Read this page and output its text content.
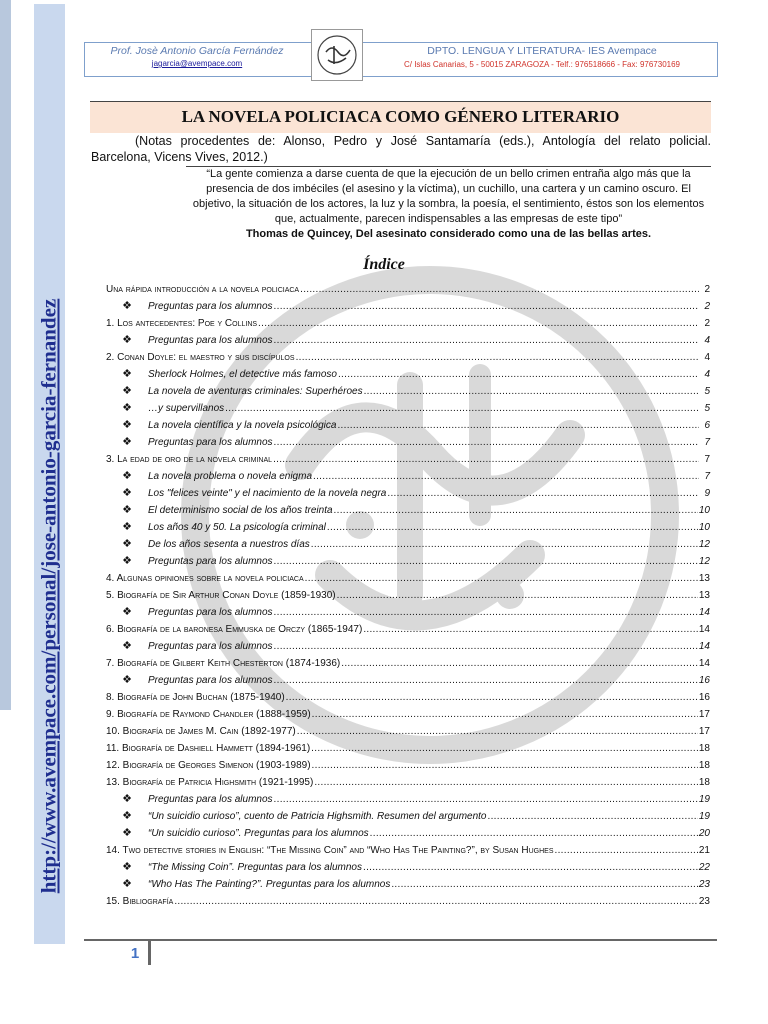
http://www.avempace.com/personal/jose-antonio-garcia-fernandez
Prof. Josè Antonio García Fernández
jagarcia@avempace.com
DPTO. LENGUA Y LITERATURA- IES Avempace
C/ Islas Canarias, 5 - 50015 ZARAGOZA - Telf.: 976518666 - Fax: 976730169
LA NOVELA POLICIACA COMO GÉNERO LITERARIO
(Notas procedentes de: Alonso, Pedro y José Santamaría (eds.), Antología del relato policial. Barcelona, Vicens Vives, 2012.)
“La gente comienza a darse cuenta de que la ejecución de un bello crimen entraña algo más que la presencia de dos imbéciles (el asesino y la víctima), un cuchillo, una cartera y un camino oscuro. El objetivo, la situación de los actores, la luz y la sombra, la poesía, el sentimiento, éstos son los elementos que, actualmente, parecen indispensables a las empresas de este tipo”
Thomas de Quincey, Del asesinato considerado como una de las bellas artes.
Índice
Una rápida introducción a la novela policiaca .....	2
❖	Preguntas para los alumnos .....	2
1. Los antecedentes: Poe y Collins .....	2
❖	Preguntas para los alumnos .....	4
2. Conan Doyle: el maestro y sus discípulos .....	4
❖	Sherlock Holmes, el detective más famoso .....	4
❖	La novela de aventuras criminales: Superhéroes .....	5
❖	…y supervillanos .....	5
❖	La novela científica y la novela psicológica .....	6
❖	Preguntas para los alumnos .....	7
3. La edad de oro de la novela criminal .....	7
❖	La novela problema o novela enigma .....	7
❖	Los "felices veinte" y el nacimiento de la novela negra .....	9
❖	El determinismo social de los años treinta .....	10
❖	Los años 40 y 50. La psicología criminal .....	10
❖	De los años sesenta a nuestros días .....	12
❖	Preguntas para los alumnos .....	12
4. Algunas opiniones sobre la novela policiaca .....	13
5. Biografía de Sir Arthur Conan Doyle (1859-1930) .....	13
❖	Preguntas para los alumnos .....	14
6. Biografía de la baronesa Emmuska de Orczy (1865-1947) .....	14
❖	Preguntas para los alumnos .....	14
7. Biografía de Gilbert Keith Chesterton (1874-1936) .....	14
❖	Preguntas para los alumnos .....	16
8. Biografía de John Buchan (1875-1940) .....	16
9. Biografía de Raymond Chandler (1888-1959) .....	17
10. Biografía de James M. Cain (1892-1977) .....	17
11. Biografía de Dashiell Hammett (1894-1961) .....	18
12. Biografía de Georges Simenon (1903-1989) .....	18
13. Biografía de Patricia Highsmith (1921-1995) .....	18
❖	Preguntas para los alumnos .....	19
❖	“Un suicidio curioso”, cuento de Patricia Highsmith. Resumen del argumento .....	19
❖	“Un suicidio curioso”. Preguntas para los alumnos .....	20
14. Two detective stories in English: “The Missing Coin” and “Who Has The Painting?”, by Susan Hughes .....	21
❖	“The Missing Coin”. Preguntas para los alumnos .....	22
❖	“Who Has The Painting?”. Preguntas para los alumnos .....	23
15. Bibliografía .....	23
1
